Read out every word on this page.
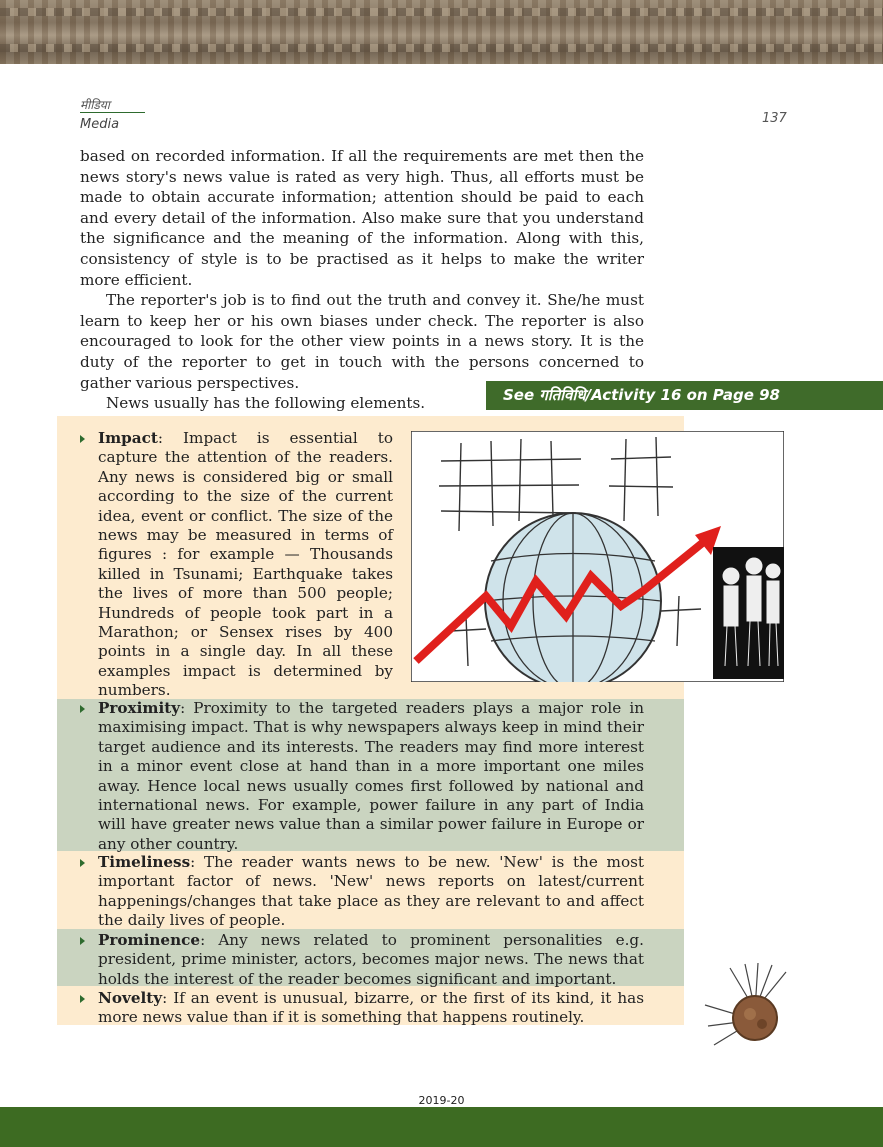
मीडिया
Media	137

based on recorded information. If all the requirements are met then the news story's news value is rated as very high. Thus, all efforts must be made to obtain accurate information; attention should be paid to each and every detail of the information. Also make sure that you understand the significance and the meaning of the information. Along with this, consistency of style is to be practised as it helps to make the writer more efficient.

The reporter's job is to find out the truth and convey it. She/he must learn to keep her or his own biases under check. The reporter is also encouraged to look for the other view points in a news story. It is the duty of the reporter to get in touch with the persons concerned to gather various perspectives.

News usually has the following elements.	See गतिविधि/Activity 16 on Page 98
Impact: Impact is essential to capture the attention of the readers. Any news is considered big or small according to the size of the current idea, event or conflict. The size of the news may be measured in terms of figures : for example — Thousands killed in Tsunami; Earthquake takes the lives of more than 500 people; Hundreds of people took part in a Marathon; or Sensex rises by 400 points in a single day. In all these examples impact is determined by numbers.
Proximity: Proximity to the targeted readers plays a major role in maximising impact. That is why newspapers always keep in mind their target audience and its interests. The readers may find more interest in a minor event close at hand than in a more important one miles away. Hence local news usually comes first followed by national and international news. For example, power failure in any part of India will have greater news value than a similar power failure in Europe or any other country.
Timeliness: The reader wants news to be new. 'New' is the most important factor of news. 'New' news reports on latest/current happenings/changes that take place as they are relevant to and affect the daily lives of people.
Prominence: Any news related to prominent personalities e.g. president, prime minister, actors, becomes major news. The news that holds the interest of the reader becomes significant and important.
Novelty: If an event is unusual, bizarre, or the first of its kind, it has more news value than if it is something that happens routinely.
2019-20
